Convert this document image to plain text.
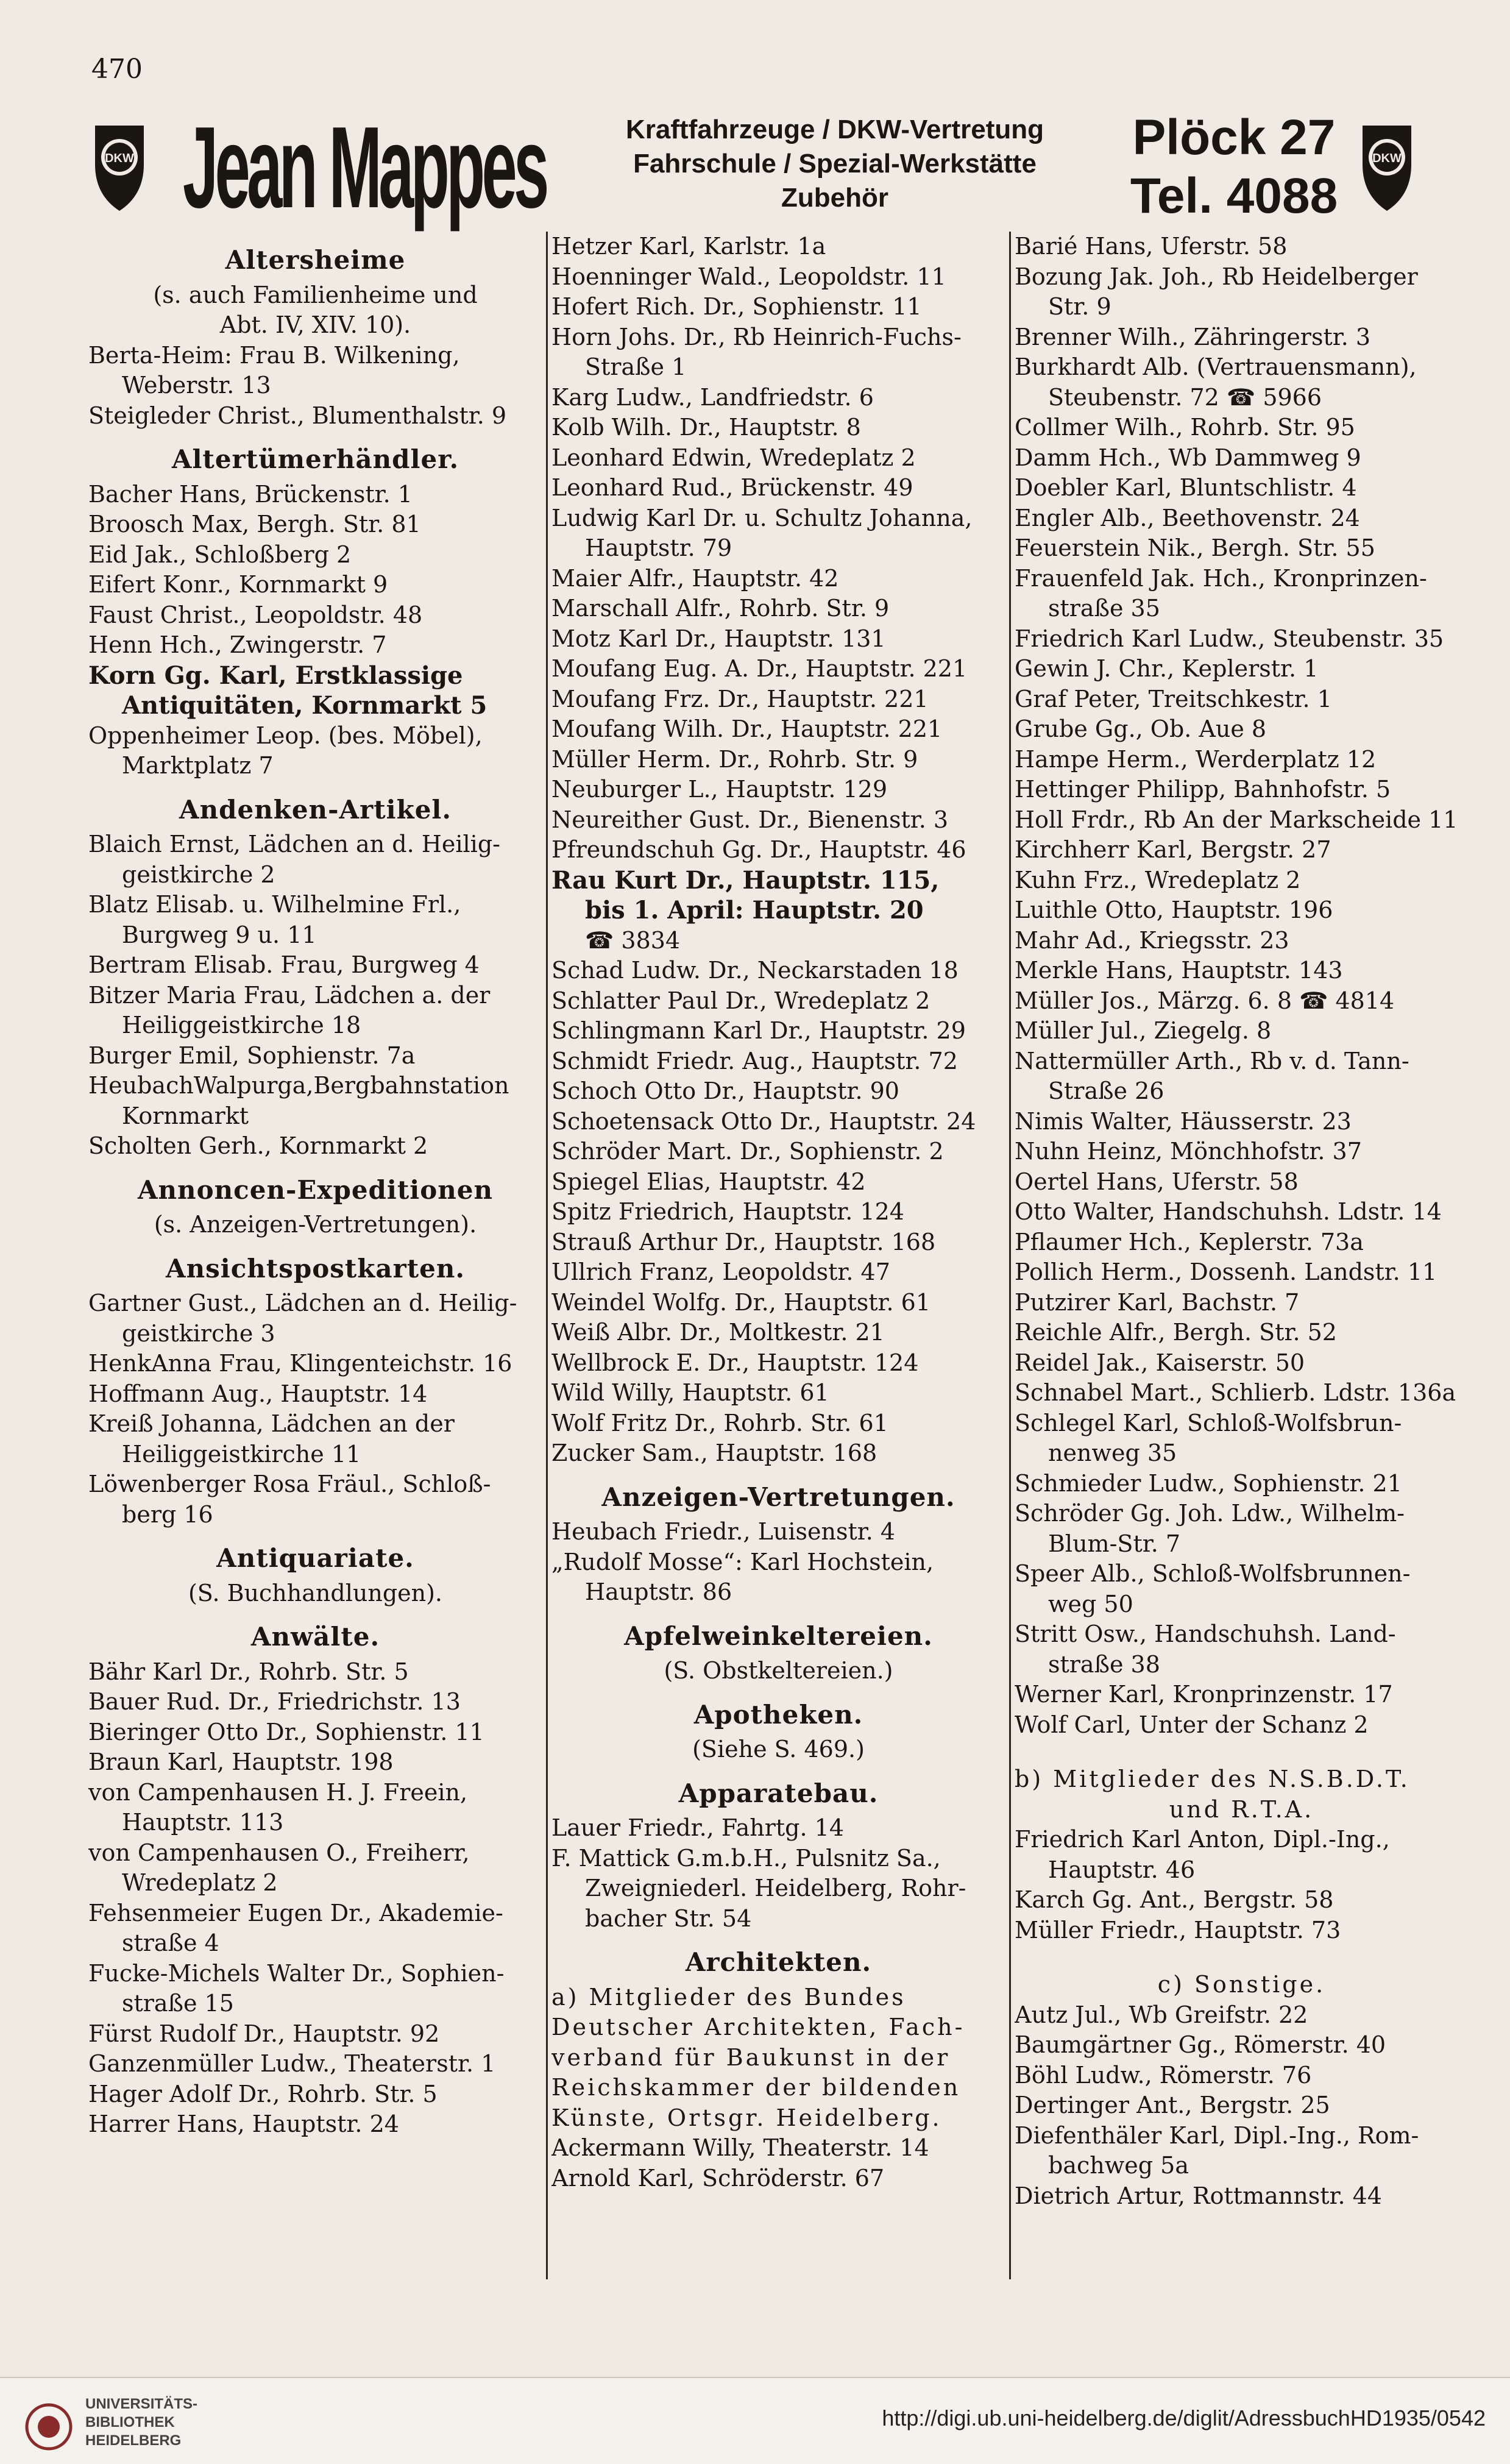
470
DKW	DKW
Jean Mappes	Kraftfahrzeuge / DKW-Vertretung
Fahrschule / Spezial-Werkstätte
Zubehör
Plöck 27
Tel. 4088
Altersheime
(s. auch Familienheime und
Abt. IV, XIV. 10).
Berta-Heim: Frau B. Wilkening,
Weberstr. 13
Steigleder Christ., Blumenthalstr. 9
Altertümerhändler.
Bacher Hans, Brückenstr. 1
Broosch Max, Bergh. Str. 81
Eid Jak., Schloßberg 2
Eifert Konr., Kornmarkt 9
Faust Christ., Leopoldstr. 48
Henn Hch., Zwingerstr. 7
Korn Gg. Karl, Erstklassige
Antiquitäten, Kornmarkt 5
Oppenheimer Leop. (bes. Möbel),
Marktplatz 7
Andenken-Artikel.
Blaich Ernst, Lädchen an d. Heilig-
geistkirche 2
Blatz Elisab. u. Wilhelmine Frl.,
Burgweg 9 u. 11
Bertram Elisab. Frau, Burgweg 4
Bitzer Maria Frau, Lädchen a. der
Heiliggeistkirche 18
Burger Emil, Sophienstr. 7a
HeubachWalpurga,Bergbahnstation
Kornmarkt
Scholten Gerh., Kornmarkt 2
Annoncen-Expeditionen
(s. Anzeigen-Vertretungen).
Ansichtspostkarten.
Gartner Gust., Lädchen an d. Heilig-
geistkirche 3
HenkAnna Frau, Klingenteichstr. 16
Hoffmann Aug., Hauptstr. 14
Kreiß Johanna, Lädchen an der
Heiliggeistkirche 11
Löwenberger Rosa Fräul., Schloß-
berg 16
Antiquariate.
(S. Buchhandlungen).
Anwälte.
Bähr Karl Dr., Rohrb. Str. 5
Bauer Rud. Dr., Friedrichstr. 13
Bieringer Otto Dr., Sophienstr. 11
Braun Karl, Hauptstr. 198
von Campenhausen H. J. Freein,
Hauptstr. 113
von Campenhausen O., Freiherr,
Wredeplatz 2
Fehsenmeier Eugen Dr., Akademie-
straße 4
Fucke-Michels Walter Dr., Sophien-
straße 15
Fürst Rudolf Dr., Hauptstr. 92
Ganzenmüller Ludw., Theaterstr. 1
Hager Adolf Dr., Rohrb. Str. 5
Harrer Hans, Hauptstr. 24
Hetzer Karl, Karlstr. 1a
Hoenninger Wald., Leopoldstr. 11
Hofert Rich. Dr., Sophienstr. 11
Horn Johs. Dr., Rb Heinrich-Fuchs-
Straße 1
Karg Ludw., Landfriedstr. 6
Kolb Wilh. Dr., Hauptstr. 8
Leonhard Edwin, Wredeplatz 2
Leonhard Rud., Brückenstr. 49
Ludwig Karl Dr. u. Schultz Johanna,
Hauptstr. 79
Maier Alfr., Hauptstr. 42
Marschall Alfr., Rohrb. Str. 9
Motz Karl Dr., Hauptstr. 131
Moufang Eug. A. Dr., Hauptstr. 221
Moufang Frz. Dr., Hauptstr. 221
Moufang Wilh. Dr., Hauptstr. 221
Müller Herm. Dr., Rohrb. Str. 9
Neuburger L., Hauptstr. 129
Neureither Gust. Dr., Bienenstr. 3
Pfreundschuh Gg. Dr., Hauptstr. 46
Rau Kurt Dr., Hauptstr. 115,
bis 1. April: Hauptstr. 20
☎ 3834
Schad Ludw. Dr., Neckarstaden 18
Schlatter Paul Dr., Wredeplatz 2
Schlingmann Karl Dr., Hauptstr. 29
Schmidt Friedr. Aug., Hauptstr. 72
Schoch Otto Dr., Hauptstr. 90
Schoetensack Otto Dr., Hauptstr. 24
Schröder Mart. Dr., Sophienstr. 2
Spiegel Elias, Hauptstr. 42
Spitz Friedrich, Hauptstr. 124
Strauß Arthur Dr., Hauptstr. 168
Ullrich Franz, Leopoldstr. 47
Weindel Wolfg. Dr., Hauptstr. 61
Weiß Albr. Dr., Moltkestr. 21
Wellbrock E. Dr., Hauptstr. 124
Wild Willy, Hauptstr. 61
Wolf Fritz Dr., Rohrb. Str. 61
Zucker Sam., Hauptstr. 168
Anzeigen-Vertretungen.
Heubach Friedr., Luisenstr. 4
„Rudolf Mosse“: Karl Hochstein,
Hauptstr. 86
Apfelweinkeltereien.
(S. Obstkeltereien.)
Apotheken.
(Siehe S. 469.)
Apparatebau.
Lauer Friedr., Fahrtg. 14
F. Mattick G.m.b.H., Pulsnitz Sa.,
Zweigniederl. Heidelberg, Rohr-
bacher Str. 54
Architekten.
a) Mitglieder des Bundes
Deutscher Architekten, Fach-
verband für Baukunst in der
Reichskammer der bildenden
Künste, Ortsgr. Heidelberg.
Ackermann Willy, Theaterstr. 14
Arnold Karl, Schröderstr. 67
Barié Hans, Uferstr. 58
Bozung Jak. Joh., Rb Heidelberger
Str. 9
Brenner Wilh., Zähringerstr. 3
Burkhardt Alb. (Vertrauensmann),
Steubenstr. 72 ☎ 5966
Collmer Wilh., Rohrb. Str. 95
Damm Hch., Wb Dammweg 9
Doebler Karl, Bluntschlistr. 4
Engler Alb., Beethovenstr. 24
Feuerstein Nik., Bergh. Str. 55
Frauenfeld Jak. Hch., Kronprinzen-
straße 35
Friedrich Karl Ludw., Steubenstr. 35
Gewin J. Chr., Keplerstr. 1
Graf Peter, Treitschkestr. 1
Grube Gg., Ob. Aue 8
Hampe Herm., Werderplatz 12
Hettinger Philipp, Bahnhofstr. 5
Holl Frdr., Rb An der Markscheide 11
Kirchherr Karl, Bergstr. 27
Kuhn Frz., Wredeplatz 2
Luithle Otto, Hauptstr. 196
Mahr Ad., Kriegsstr. 23
Merkle Hans, Hauptstr. 143
Müller Jos., Märzg. 6. 8 ☎ 4814
Müller Jul., Ziegelg. 8
Nattermüller Arth., Rb v. d. Tann-
Straße 26
Nimis Walter, Häusserstr. 23
Nuhn Heinz, Mönchhofstr. 37
Oertel Hans, Uferstr. 58
Otto Walter, Handschuhsh. Ldstr. 14
Pflaumer Hch., Keplerstr. 73a
Pollich Herm., Dossenh. Landstr. 11
Putzirer Karl, Bachstr. 7
Reichle Alfr., Bergh. Str. 52
Reidel Jak., Kaiserstr. 50
Schnabel Mart., Schlierb. Ldstr. 136a
Schlegel Karl, Schloß-Wolfsbrun-
nenweg 35
Schmieder Ludw., Sophienstr. 21
Schröder Gg. Joh. Ldw., Wilhelm-
Blum-Str. 7
Speer Alb., Schloß-Wolfsbrunnen-
weg 50
Stritt Osw., Handschuhsh. Land-
straße 38
Werner Karl, Kronprinzenstr. 17
Wolf Carl, Unter der Schanz 2
b) Mitglieder des N.S.B.D.T.
und R.T.A.
Friedrich Karl Anton, Dipl.-Ing.,
Hauptstr. 46
Karch Gg. Ant., Bergstr. 58
Müller Friedr., Hauptstr. 73
c) Sonstige.
Autz Jul., Wb Greifstr. 22
Baumgärtner Gg., Römerstr. 40
Böhl Ludw., Römerstr. 76
Dertinger Ant., Bergstr. 25
Diefenthäler Karl, Dipl.-Ing., Rom-
bachweg 5a
Dietrich Artur, Rottmannstr. 44
UNIVERSITÄTS-
BIBLIOTHEK
HEIDELBERG
http://digi.ub.uni-heidelberg.de/diglit/AdressbuchHD1935/0542
